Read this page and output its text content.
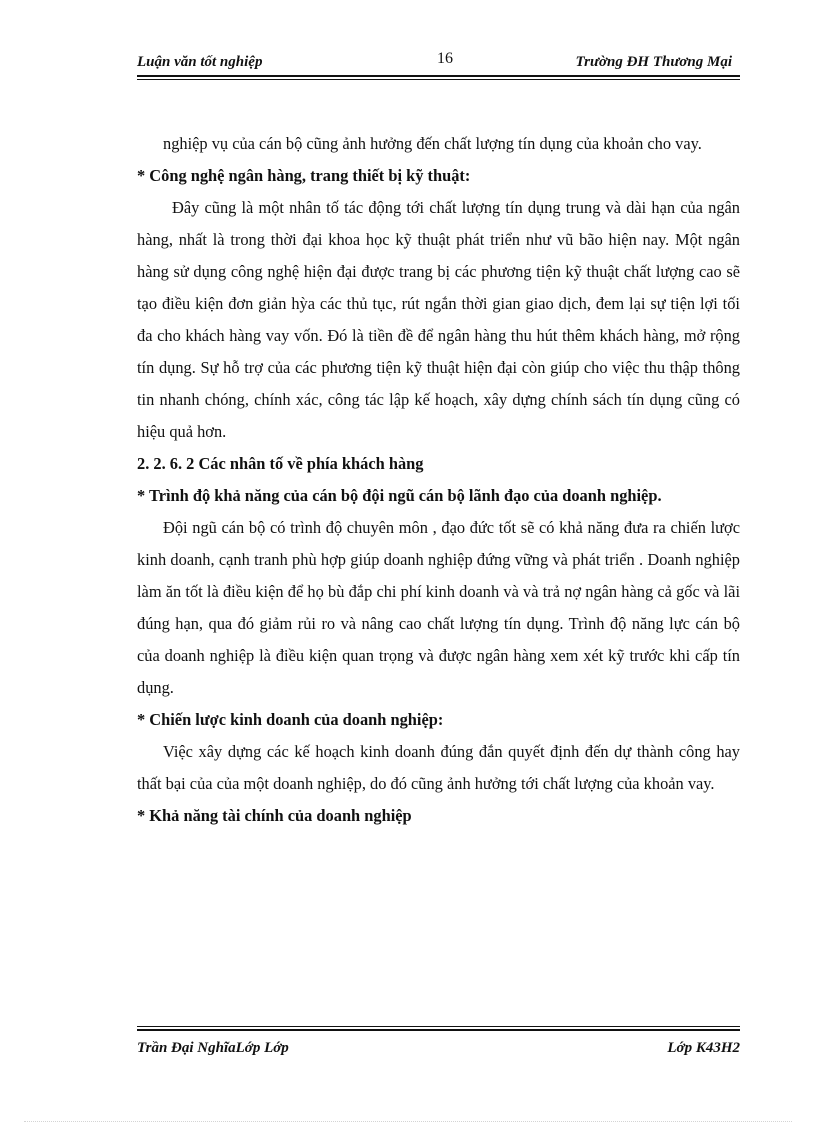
Luận văn tốt nghiệp	16	Trường ĐH Thương Mại

nghiệp vụ của cán bộ cũng ảnh hưởng đến chất lượng tín dụng của khoản cho vay.

* Công nghệ ngân hàng, trang thiết bị kỹ thuật:

Đây cũng là một nhân tố tác động tới chất lượng tín dụng trung và dài hạn của ngân hàng, nhất là trong thời đại khoa học kỹ thuật phát triển như vũ bão hiện nay. Một ngân hàng sử dụng công nghệ hiện đại được trang bị các phương tiện kỹ thuật chất lượng cao sẽ tạo điều kiện đơn giản hỳa các thủ tục, rút ngắn thời gian giao dịch, đem lại sự tiện lợi tối đa cho khách hàng vay vốn. Đó là tiền đề để ngân hàng thu hút thêm khách hàng, mở rộng tín dụng. Sự hỗ trợ của các phương tiện kỹ thuật hiện đại còn giúp cho việc thu thập thông tin nhanh chóng, chính xác, công tác lập kế hoạch, xây dựng chính sách tín dụng cũng có hiệu quả hơn.

2. 2. 6. 2 Các nhân tố về phía khách hàng

* Trình độ khả năng của cán bộ đội ngũ cán bộ lãnh đạo của doanh nghiệp.

Đội ngũ cán bộ có trình độ chuyên môn , đạo đức tốt sẽ có khả năng đưa ra chiến lược kinh doanh, cạnh tranh phù hợp giúp doanh nghiệp đứng vững và phát triển . Doanh nghiệp làm ăn tốt là điều kiện để họ bù đắp chi phí kinh doanh và và trả nợ ngân hàng cả gốc và lãi đúng hạn, qua đó giảm rủi ro và nâng cao chất lượng tín dụng. Trình độ năng lực cán bộ của doanh nghiệp là điều kiện quan trọng và được ngân hàng xem xét kỹ trước khi cấp tín dụng.

* Chiến lược kinh doanh của doanh nghiệp:

Việc xây dựng các kế hoạch kinh doanh đúng đắn quyết định đến dự thành công hay thất bại của của một doanh nghiệp, do đó cũng ảnh hưởng tới chất lượng của khoản vay.

* Khả năng tài chính của doanh nghiệp

Trần Đại NghĩaLớp Lớp	Lớp K43H2
